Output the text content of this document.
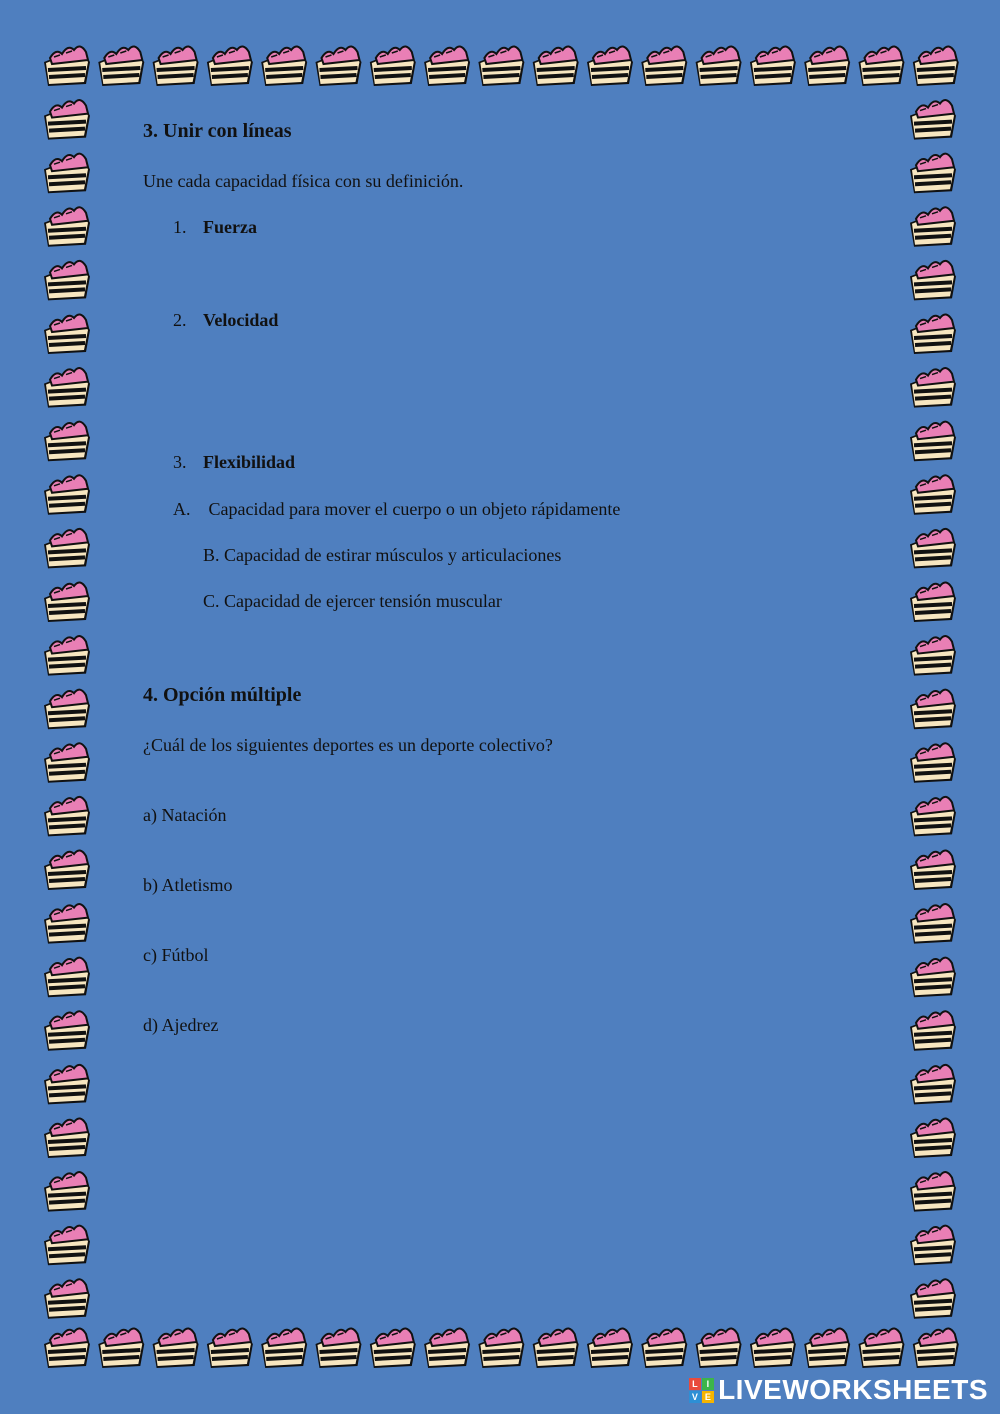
3. Unir con líneas
Une cada capacidad física con su definición.
1. Fuerza
2. Velocidad
3. Flexibilidad
A.    Capacidad para mover el cuerpo o un objeto rápidamente
B. Capacidad de estirar músculos y articulaciones
C. Capacidad de ejercer tensión muscular
4. Opción múltiple
¿Cuál de los siguientes deportes es un deporte colectivo?
a) Natación
b) Atletismo
c) Fútbol
d) Ajedrez
L I
V E LIVEWORKSHEETS
